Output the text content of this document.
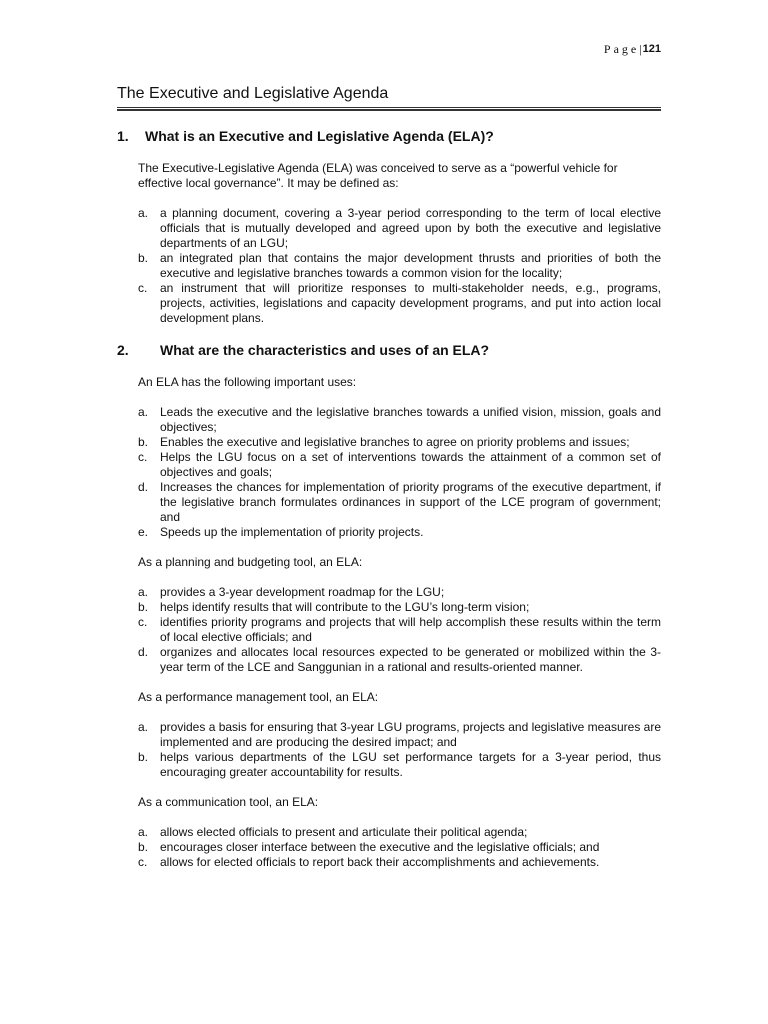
Page | 121
The Executive and Legislative Agenda
1.	What is an Executive and Legislative Agenda (ELA)?
The Executive-Legislative Agenda (ELA) was conceived to serve as a “powerful vehicle for effective local governance”. It may be defined as:
a. a planning document, covering a 3-year period corresponding to the term of local elective officials that is mutually developed and agreed upon by both the executive and legislative departments of an LGU;
b. an integrated plan that contains the major development thrusts and priorities of both the executive and legislative branches towards a common vision for the locality;
c.	an instrument that will prioritize responses to multi-stakeholder needs, e.g., programs, projects, activities, legislations and capacity development programs, and put into action local development plans.
2.	What are the characteristics and uses of an ELA?
An ELA has the following important uses:
a. Leads the executive and the legislative branches towards a unified vision, mission, goals and objectives;
b. Enables the executive and legislative branches to agree on priority problems and issues;
c.	Helps the LGU focus on a set of interventions towards the attainment of a common set of objectives and goals;
d. Increases the chances for implementation of priority programs of the executive department, if the legislative branch formulates ordinances in support of the LCE program of government; and
e. Speeds up the implementation of priority projects.
As a planning and budgeting tool, an ELA:
a. provides a 3-year development roadmap for the LGU;
b. helps identify results that will contribute to the LGU’s long-term vision;
c.	identifies priority programs and projects that will help accomplish these results within the term of local elective officials; and
d. organizes and allocates local resources expected to be generated or mobilized within the 3-year term of the LCE and Sanggunian in a rational and results-oriented manner.
As a performance management tool, an ELA:
a. provides a basis for ensuring that 3-year LGU programs, projects and legislative measures are implemented and are producing the desired impact; and
b. helps various departments of the LGU set performance targets for a 3-year period, thus encouraging greater accountability for results.
As a communication tool, an ELA:
a. allows elected officials to present and articulate their political agenda;
b. encourages closer interface between the executive and the legislative officials; and
c.	allows for elected officials to report back their accomplishments and achievements.
